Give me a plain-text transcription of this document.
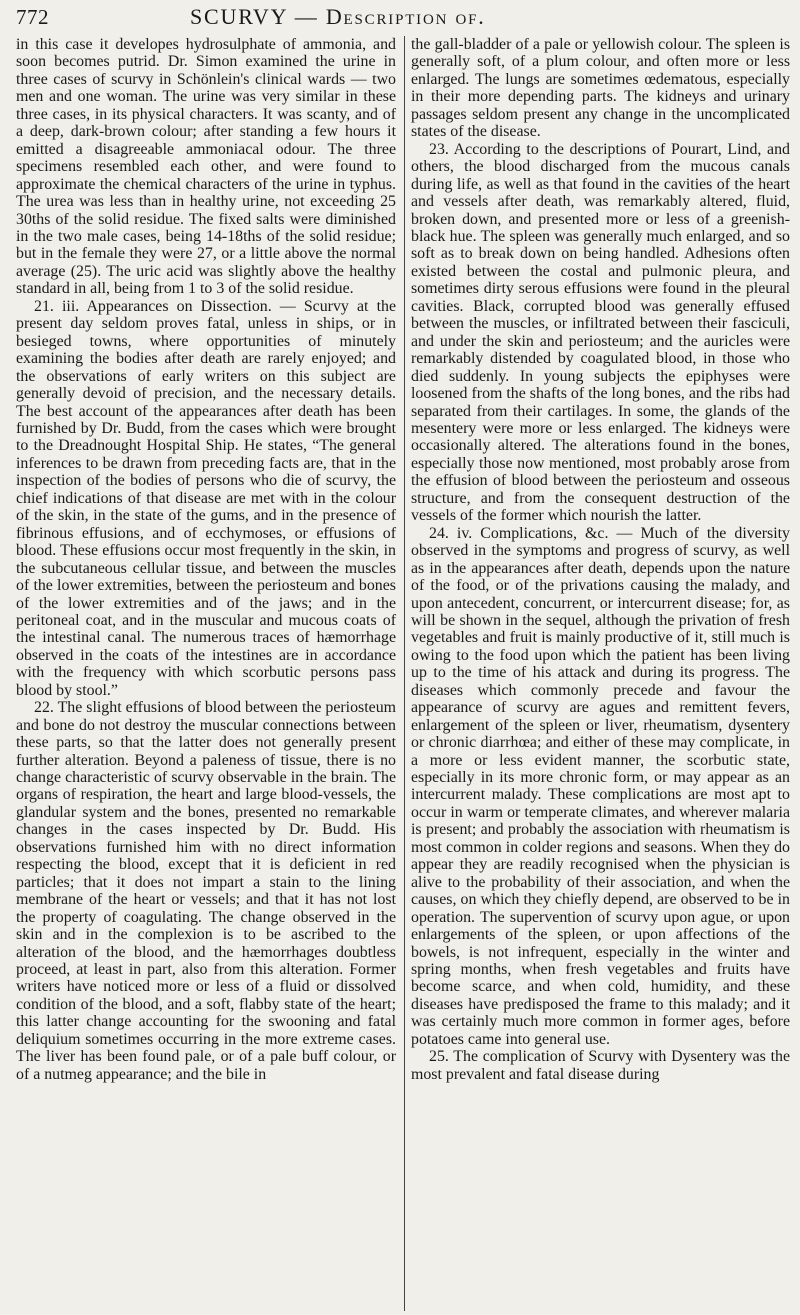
772	SCURVY — Description of.

in this case it developes hydrosulphate of ammonia, and soon becomes putrid. Dr. Simon examined the urine in three cases of scurvy in Schönlein's clinical wards — two men and one woman. The urine was very similar in these three cases, in its physical characters. It was scanty, and of a deep, dark-brown colour; after standing a few hours it emitted a disagreeable ammoniacal odour. The three specimens resembled each other, and were found to approximate the chemical characters of the urine in typhus. The urea was less than in healthy urine, not exceeding 25 30ths of the solid residue. The fixed salts were diminished in the two male cases, being 14-18ths of the solid residue; but in the female they were 27, or a little above the normal average (25). The uric acid was slightly above the healthy standard in all, being from 1 to 3 of the solid residue.

21. iii. Appearances on Dissection. — Scurvy at the present day seldom proves fatal, unless in ships, or in besieged towns, where opportunities of minutely examining the bodies after death are rarely enjoyed; and the observations of early writers on this subject are generally devoid of precision, and the necessary details. The best account of the appearances after death has been furnished by Dr. Budd, from the cases which were brought to the Dreadnought Hospital Ship. He states, “The general inferences to be drawn from preceding facts are, that in the inspection of the bodies of persons who die of scurvy, the chief indications of that disease are met with in the colour of the skin, in the state of the gums, and in the presence of fibrinous effusions, and of ecchymoses, or effusions of blood. These effusions occur most frequently in the skin, in the subcutaneous cellular tissue, and between the muscles of the lower extremities, between the periosteum and bones of the lower extremities and of the jaws; and in the peritoneal coat, and in the muscular and mucous coats of the intestinal canal. The numerous traces of hæmorrhage observed in the coats of the intestines are in accordance with the frequency with which scorbutic persons pass blood by stool.”

22. The slight effusions of blood between the periosteum and bone do not destroy the muscular connections between these parts, so that the latter does not generally present further alteration. Beyond a paleness of tissue, there is no change characteristic of scurvy observable in the brain. The organs of respiration, the heart and large blood-vessels, the glandular system and the bones, presented no remarkable changes in the cases inspected by Dr. Budd. His observations furnished him with no direct information respecting the blood, except that it is deficient in red particles; that it does not impart a stain to the lining membrane of the heart or vessels; and that it has not lost the property of coagulating. The change observed in the skin and in the complexion is to be ascribed to the alteration of the blood, and the hæmorrhages doubtless proceed, at least in part, also from this alteration. Former writers have noticed more or less of a fluid or dissolved condition of the blood, and a soft, flabby state of the heart; this latter change accounting for the swooning and fatal deliquium sometimes occurring in the more extreme cases. The liver has been found pale, or of a pale buff colour, or of a nutmeg appearance; and the bile in

the gall-bladder of a pale or yellowish colour. The spleen is generally soft, of a plum colour, and often more or less enlarged. The lungs are sometimes œdematous, especially in their more depending parts. The kidneys and urinary passages seldom present any change in the uncomplicated states of the disease.

23. According to the descriptions of Pourart, Lind, and others, the blood discharged from the mucous canals during life, as well as that found in the cavities of the heart and vessels after death, was remarkably altered, fluid, broken down, and presented more or less of a greenish-black hue. The spleen was generally much enlarged, and so soft as to break down on being handled. Adhesions often existed between the costal and pulmonic pleura, and sometimes dirty serous effusions were found in the pleural cavities. Black, corrupted blood was generally effused between the muscles, or infiltrated between their fasciculi, and under the skin and periosteum; and the auricles were remarkably distended by coagulated blood, in those who died suddenly. In young subjects the epiphyses were loosened from the shafts of the long bones, and the ribs had separated from their cartilages. In some, the glands of the mesentery were more or less enlarged. The kidneys were occasionally altered. The alterations found in the bones, especially those now mentioned, most probably arose from the effusion of blood between the periosteum and osseous structure, and from the consequent destruction of the vessels of the former which nourish the latter.

24. iv. Complications, &c. — Much of the diversity observed in the symptoms and progress of scurvy, as well as in the appearances after death, depends upon the nature of the food, or of the privations causing the malady, and upon antecedent, concurrent, or intercurrent disease; for, as will be shown in the sequel, although the privation of fresh vegetables and fruit is mainly productive of it, still much is owing to the food upon which the patient has been living up to the time of his attack and during its progress. The diseases which commonly precede and favour the appearance of scurvy are agues and remittent fevers, enlargement of the spleen or liver, rheumatism, dysentery or chronic diarrhœa; and either of these may complicate, in a more or less evident manner, the scorbutic state, especially in its more chronic form, or may appear as an intercurrent malady. These complications are most apt to occur in warm or temperate climates, and wherever malaria is present; and probably the association with rheumatism is most common in colder regions and seasons. When they do appear they are readily recognised when the physician is alive to the probability of their association, and when the causes, on which they chiefly depend, are observed to be in operation. The supervention of scurvy upon ague, or upon enlargements of the spleen, or upon affections of the bowels, is not infrequent, especially in the winter and spring months, when fresh vegetables and fruits have become scarce, and when cold, humidity, and these diseases have predisposed the frame to this malady; and it was certainly much more common in former ages, before potatoes came into general use.

25. The complication of Scurvy with Dysentery was the most prevalent and fatal disease during
